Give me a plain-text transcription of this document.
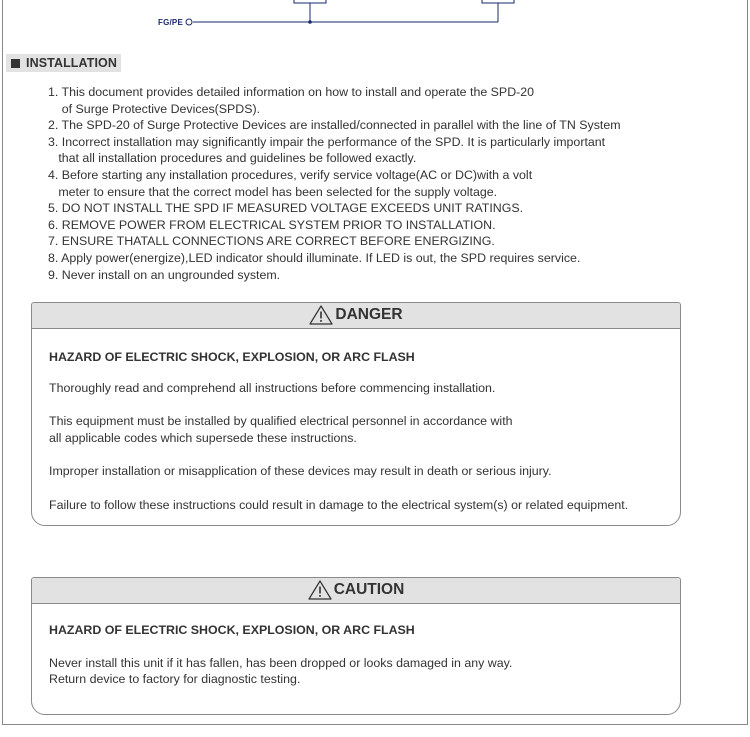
FG/PE
INSTALLATION
1. This document provides detailed information on how to install and operate the SPD-20
of Surge Protective Devices(SPDS).
2. The SPD-20 of Surge Protective Devices are installed/connected in parallel with the line of TN System
3. Incorrect installation may significantly impair the performance of the SPD. It is particularly important
that all installation procedures and guidelines be followed exactly.
4. Before starting any installation procedures, verify service voltage(AC or DC)with a volt
meter to ensure that the correct model has been selected for the supply voltage.
5. DO NOT INSTALL THE SPD IF MEASURED VOLTAGE EXCEEDS UNIT RATINGS.
6. REMOVE POWER FROM ELECTRICAL SYSTEM PRIOR TO INSTALLATION.
7. ENSURE THATALL CONNECTIONS ARE CORRECT BEFORE ENERGIZING.
8. Apply power(energize),LED indicator should illuminate. If LED is out, the SPD requires service.
9. Never install on an ungrounded system.
DANGER

HAZARD OF ELECTRIC SHOCK, EXPLOSION, OR ARC FLASH

Thoroughly read and comprehend all instructions before commencing installation.

This equipment must be installed by qualified electrical personnel in accordance with

all applicable codes which supersede these instructions.

Improper installation or misapplication of these devices may result in death or serious injury.

Failure to follow these instructions could result in damage to the electrical system(s) or related equipment.

CAUTION

HAZARD OF ELECTRIC SHOCK, EXPLOSION, OR ARC FLASH

Never install this unit if it has fallen, has been dropped or looks damaged in any way.

Return device to factory for diagnostic testing.
